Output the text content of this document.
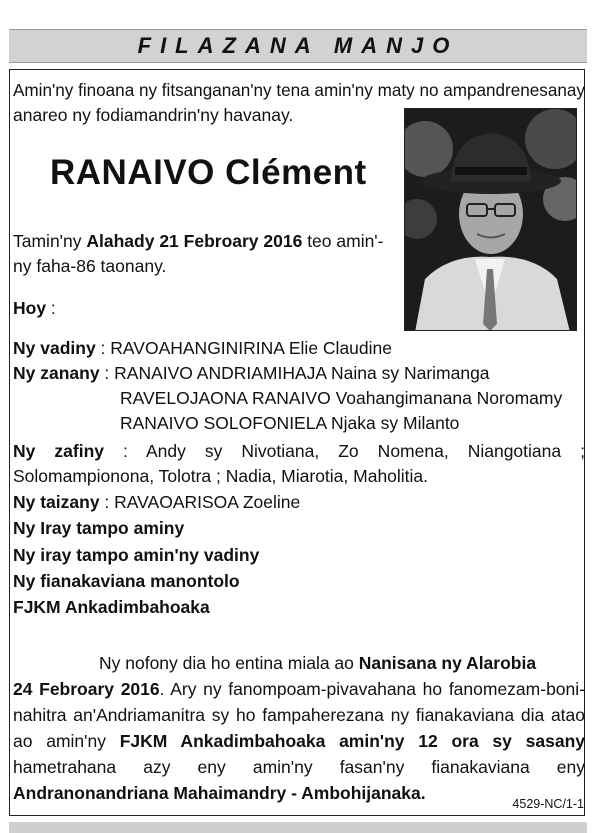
FILAZANA MANJO
Amin'ny finoana ny fitsanganan'ny tena amin'ny maty no ampandrenesanay
anareo ny fodiamandrin'ny havanay.
RANAIVO Clément
Tamin'ny Alahady 21 Febroary 2016 teo amin'-
ny faha-86 taonany.
Hoy :
Ny vadiny : RAVOAHANGINIRINA Elie Claudine
Ny zanany : RANAIVO ANDRIAMIHAJA Naina sy Narimanga
RAVELOJAONA RANAIVO Voahangimanana Noromamy
RANAIVO SOLOFONIELA Njaka sy Milanto
Ny zafiny : Andy sy Nivotiana, Zo Nomena, Niangotiana ;
Solomampionona, Tolotra ; Nadia, Miarotia, Maholitia.
Ny taizany : RAVAOARISOA Zoeline
Ny Iray tampo aminy
Ny iray tampo amin'ny vadiny
Ny fianakaviana manontolo
FJKM Ankadimbahoaka
Ny nofony dia ho entina miala ao Nanisana ny Alarobia
24 Febroary 2016. Ary ny fanompoam-pivavahana ho fanomezam-boni-
nahitra an'Andriamanitra sy ho fampaherezana ny fianakaviana dia atao
ao amin'ny FJKM Ankadimbahoaka amin'ny 12 ora sy sasany
hametrahana azy eny amin'ny fasan'ny fianakaviana eny
Andranonandriana Mahaimandry - Ambohijanaka.
4529-NC/1-1
